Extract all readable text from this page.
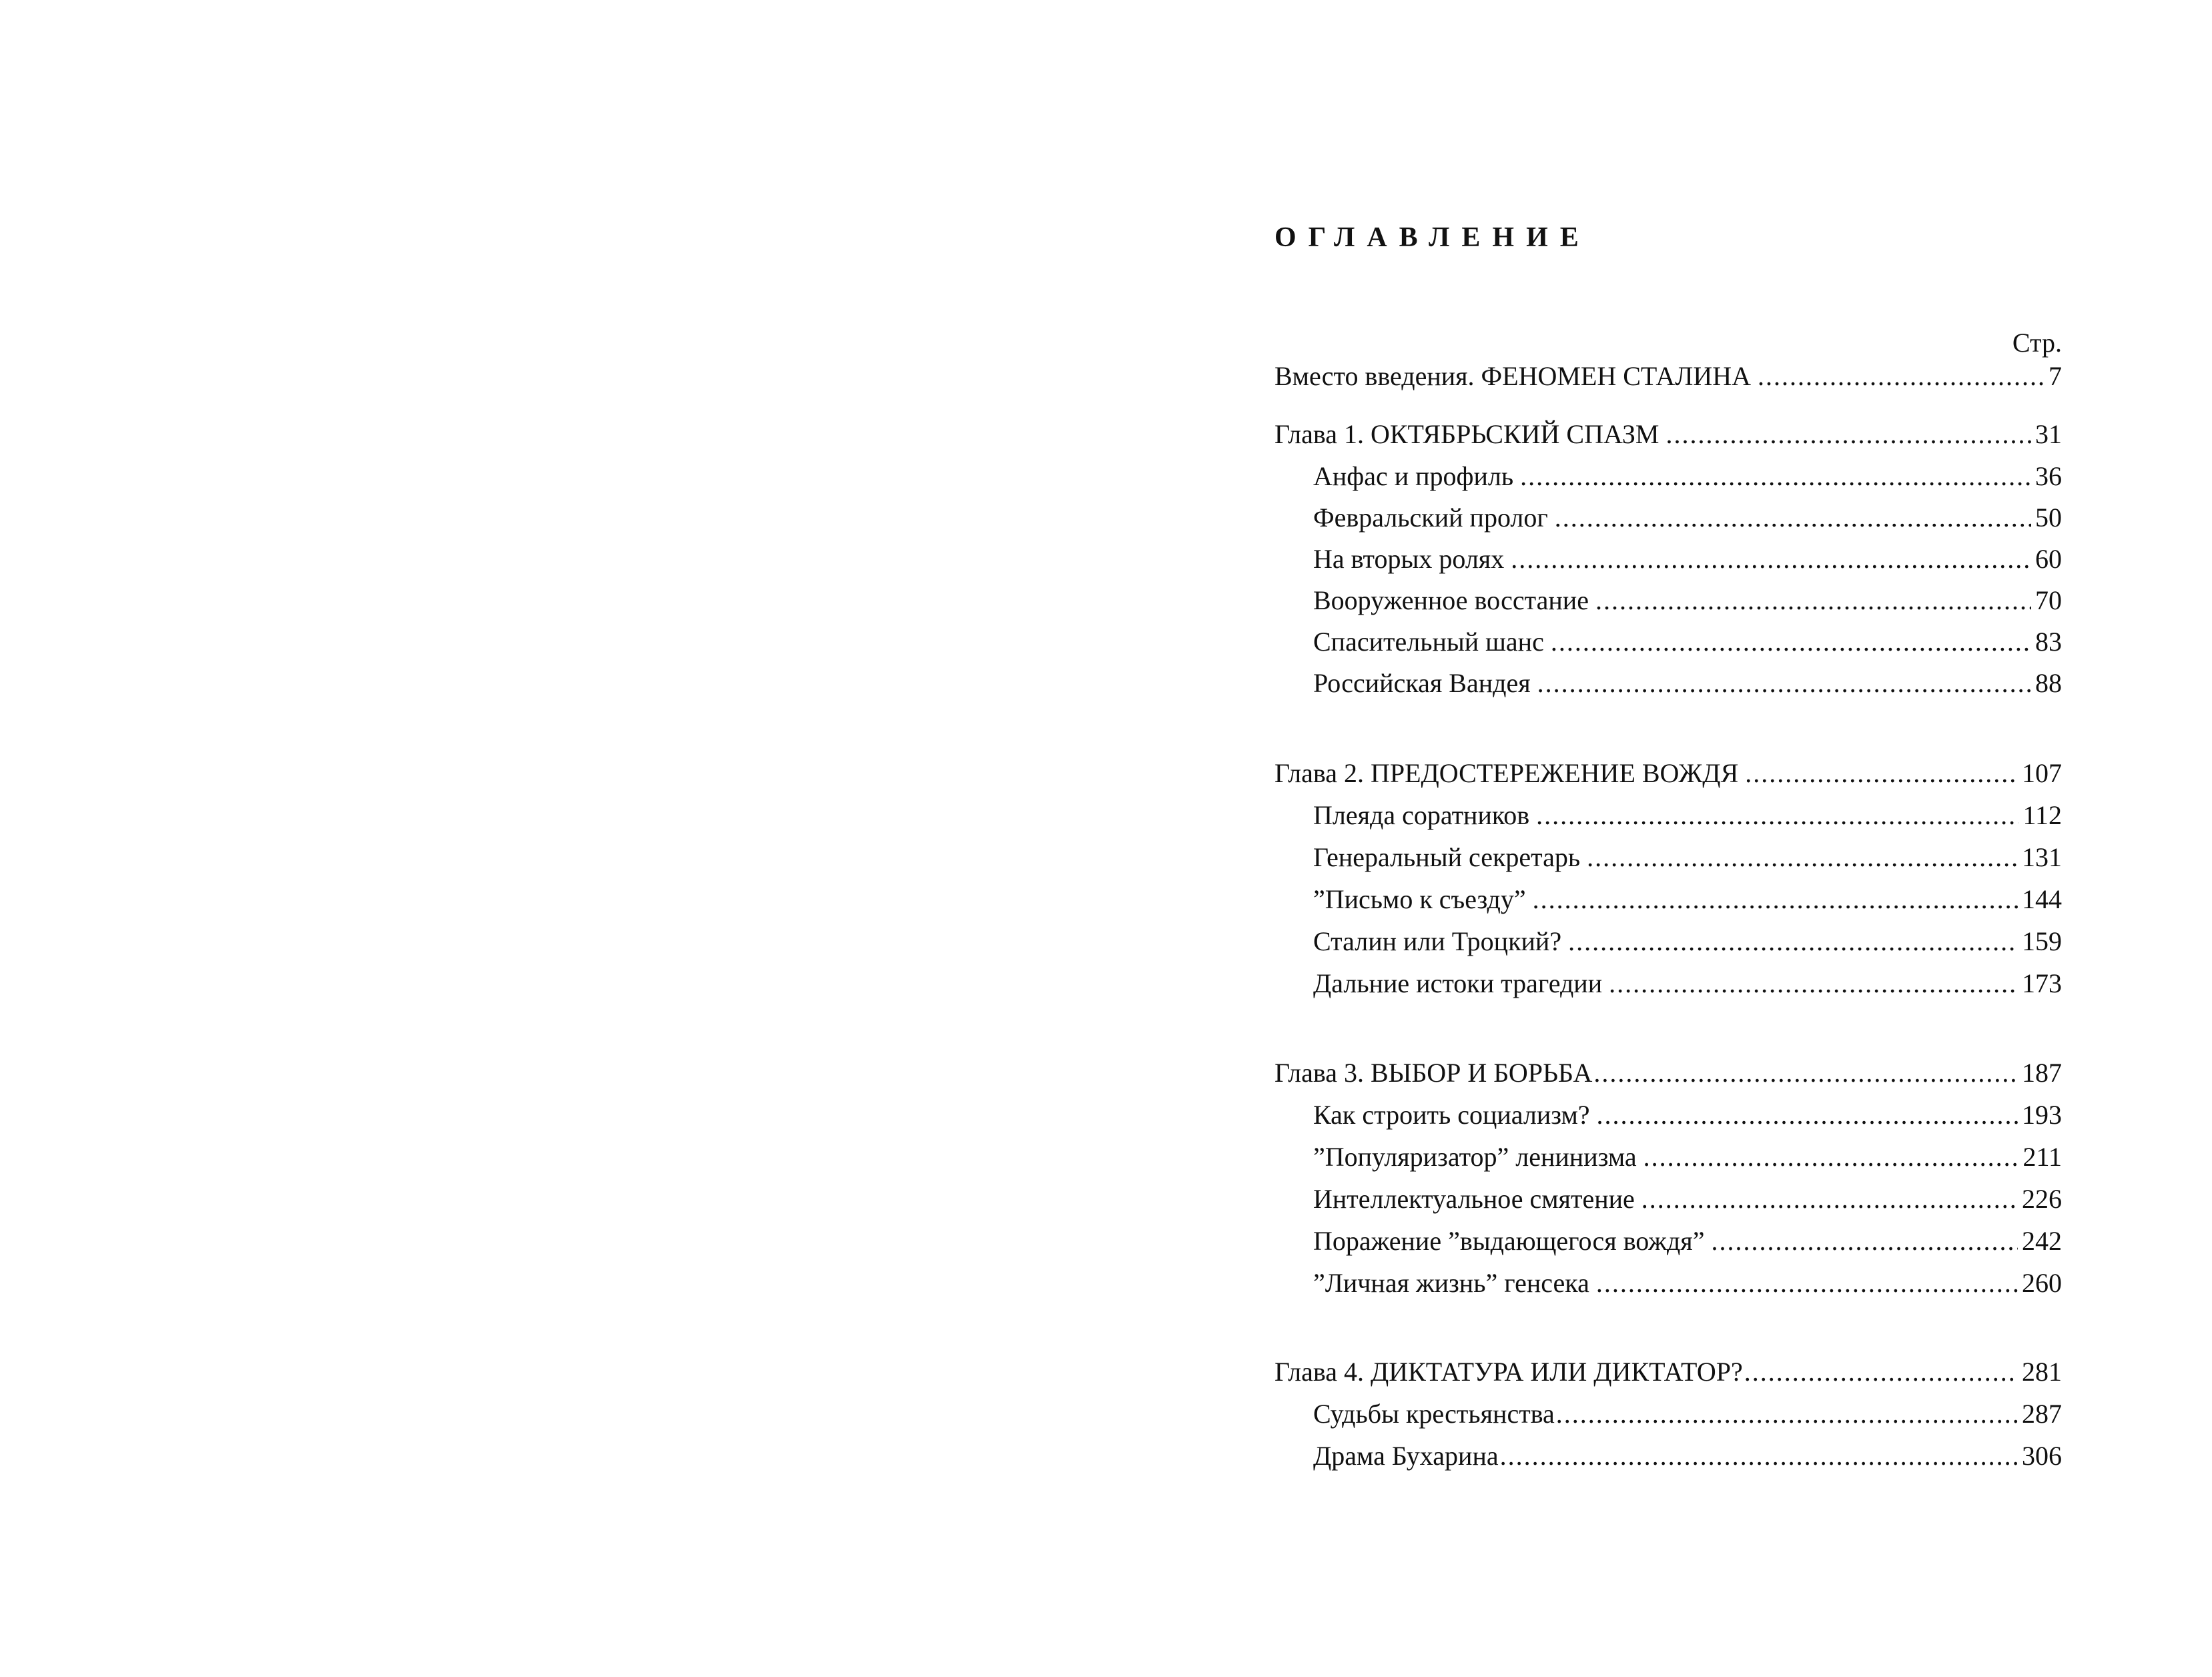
ОГЛАВЛЕНИЕ
Стр.
Вместо введения. ФЕНОМЕН СТАЛИНА .....	7
Глава 1. ОКТЯБРЬСКИЙ СПАЗМ .....	31
Анфас и профиль .....	36
Февральский пролог .....	50
На вторых ролях .....	60
Вооруженное восстание .....	70
Спасительный шанс .....	83
Российская Вандея .....	88
Глава 2. ПРЕДОСТЕРЕЖЕНИЕ ВОЖДЯ .....	107
Плеяда соратников .....	112
Генеральный секретарь .....	131
”Письмо к съезду” .....	144
Сталин или Троцкий? .....	159
Дальние истоки трагедии .....	173
Глава 3. ВЫБОР И БОРЬБА .....	187
Как строить социализм? .....	193
”Популяризатор” ленинизма .....	211
Интеллектуальное смятение .....	226
Поражение ”выдающегося вождя” .....	242
”Личная жизнь” генсека .....	260
Глава 4. ДИКТАТУРА ИЛИ ДИКТАТОР? .....	281
Судьбы крестьянства .....	287
Драма Бухарина .....	306
